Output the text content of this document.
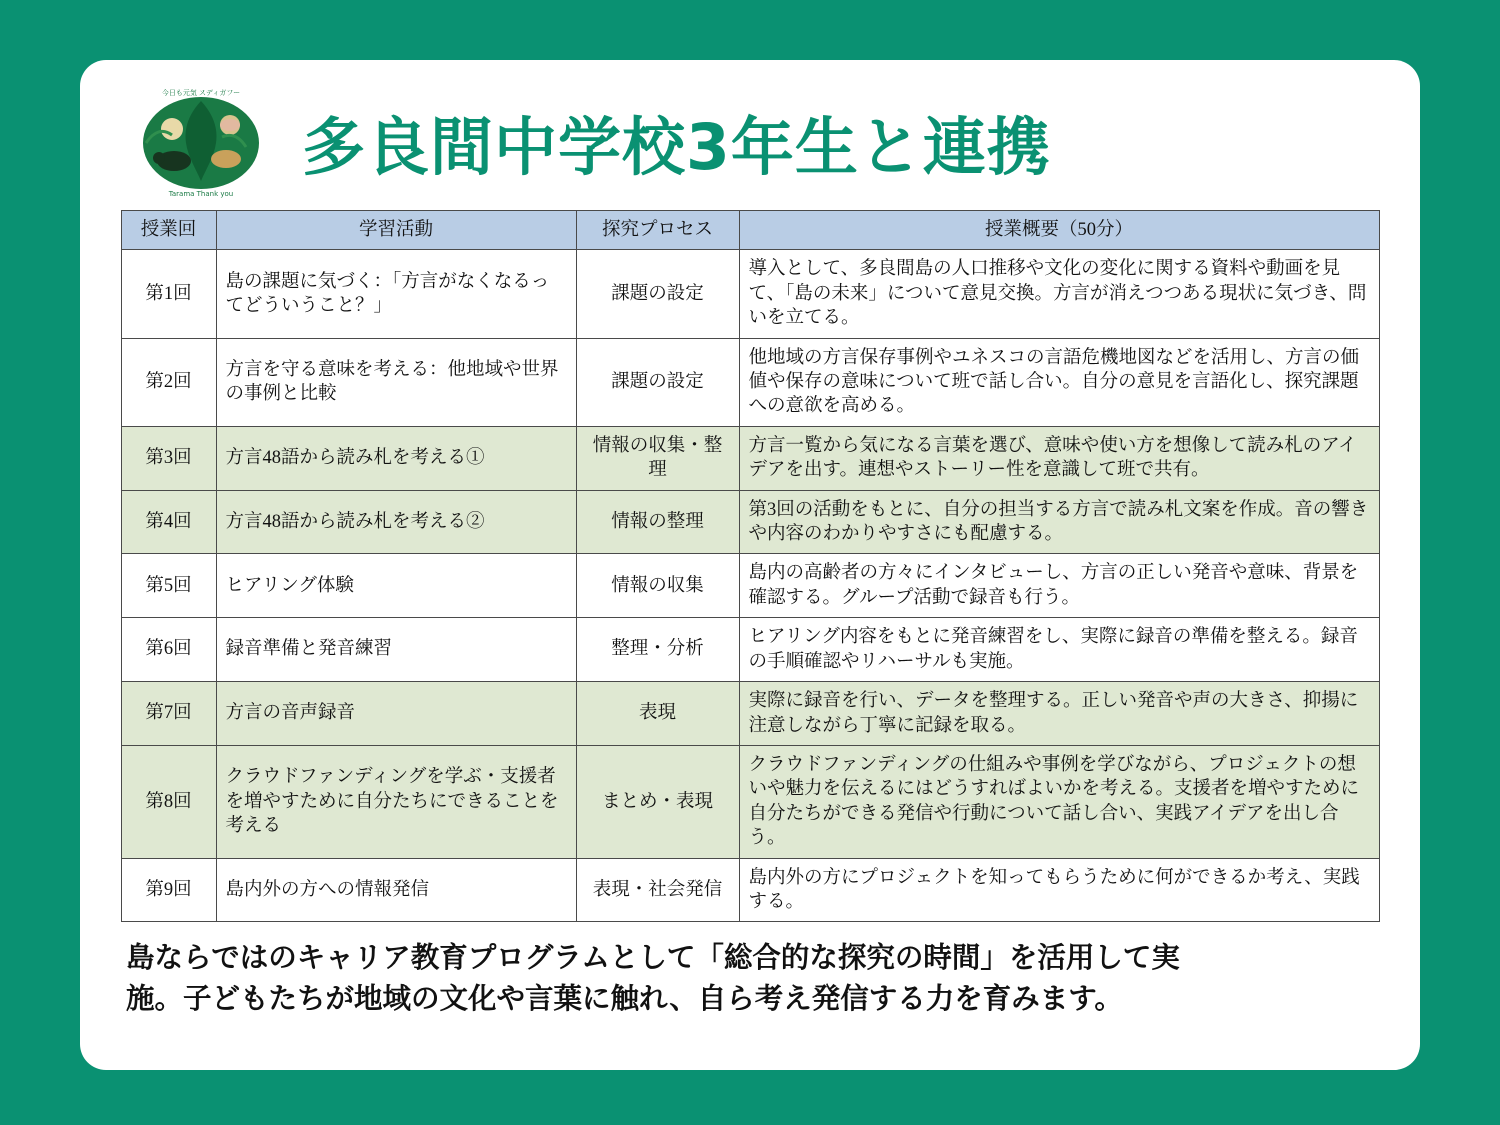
今日も元気 スディガフー
Tarama Thank you
多良間中学校3年生と連携
授業回	学習活動	探究プロセス	授業概要（50分）
第1回	島の課題に気づく：「方言がなくなるってどういうこと？」	課題の設定	導入として、多良間島の人口推移や文化の変化に関する資料や動画を見て、「島の未来」について意見交換。方言が消えつつある現状に気づき、問いを立てる。
第2回	方言を守る意味を考える：他地域や世界の事例と比較	課題の設定	他地域の方言保存事例やユネスコの言語危機地図などを活用し、方言の価値や保存の意味について班で話し合い。自分の意見を言語化し、探究課題への意欲を高める。
第3回	方言48語から読み札を考える①	情報の収集・整理	方言一覧から気になる言葉を選び、意味や使い方を想像して読み札のアイデアを出す。連想やストーリー性を意識して班で共有。
第4回	方言48語から読み札を考える②	情報の整理	第3回の活動をもとに、自分の担当する方言で読み札文案を作成。音の響きや内容のわかりやすさにも配慮する。
第5回	ヒアリング体験	情報の収集	島内の高齢者の方々にインタビューし、方言の正しい発音や意味、背景を確認する。グループ活動で録音も行う。
第6回	録音準備と発音練習	整理・分析	ヒアリング内容をもとに発音練習をし、実際に録音の準備を整える。録音の手順確認やリハーサルも実施。
第7回	方言の音声録音	表現	実際に録音を行い、データを整理する。正しい発音や声の大きさ、抑揚に注意しながら丁寧に記録を取る。
第8回	クラウドファンディングを学ぶ・支援者を増やすために自分たちにできることを考える	まとめ・表現	クラウドファンディングの仕組みや事例を学びながら、プロジェクトの想いや魅力を伝えるにはどうすればよいかを考える。支援者を増やすために自分たちができる発信や行動について話し合い、実践アイデアを出し合う。
第9回	島内外の方への情報発信	表現・社会発信	島内外の方にプロジェクトを知ってもらうために何ができるか考え、実践する。
島ならではのキャリア教育プログラムとして「総合的な探究の時間」を活用して実
施。子どもたちが地域の文化や言葉に触れ、自ら考え発信する力を育みます。
